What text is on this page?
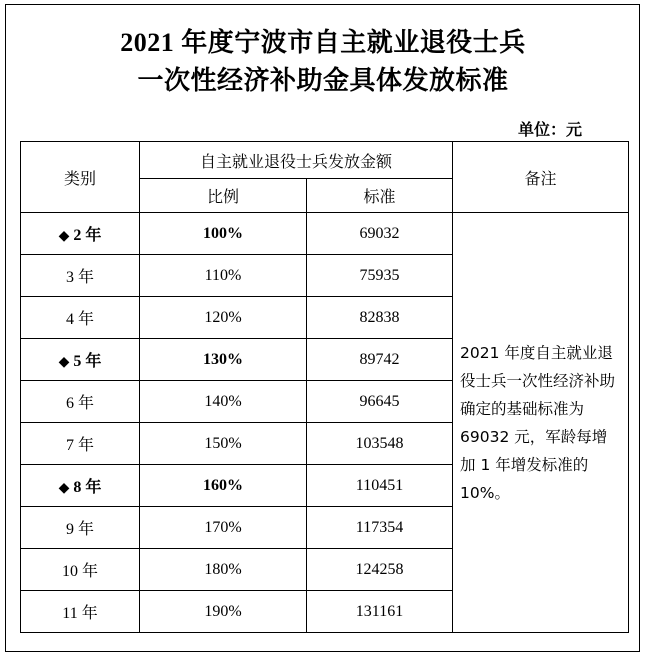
2021 年度宁波市自主就业退役士兵
一次性经济补助金具体发放标准
单位：元
类别	自主就业退役士兵发放金额		备注
	比例	标准	
◆ 2 年	100%	69032	2021 年度自主就业退役士兵一次性经济补助确定的基础标准为 69032 元，军龄每增加 1 年增发标准的 10%。
3 年	110%	75935	
4 年	120%	82838	
◆ 5 年	130%	89742	
6 年	140%	96645	
7 年	150%	103548	
◆ 8 年	160%	110451	
9 年	170%	117354	
10 年	180%	124258	
11 年	190%	131161	
